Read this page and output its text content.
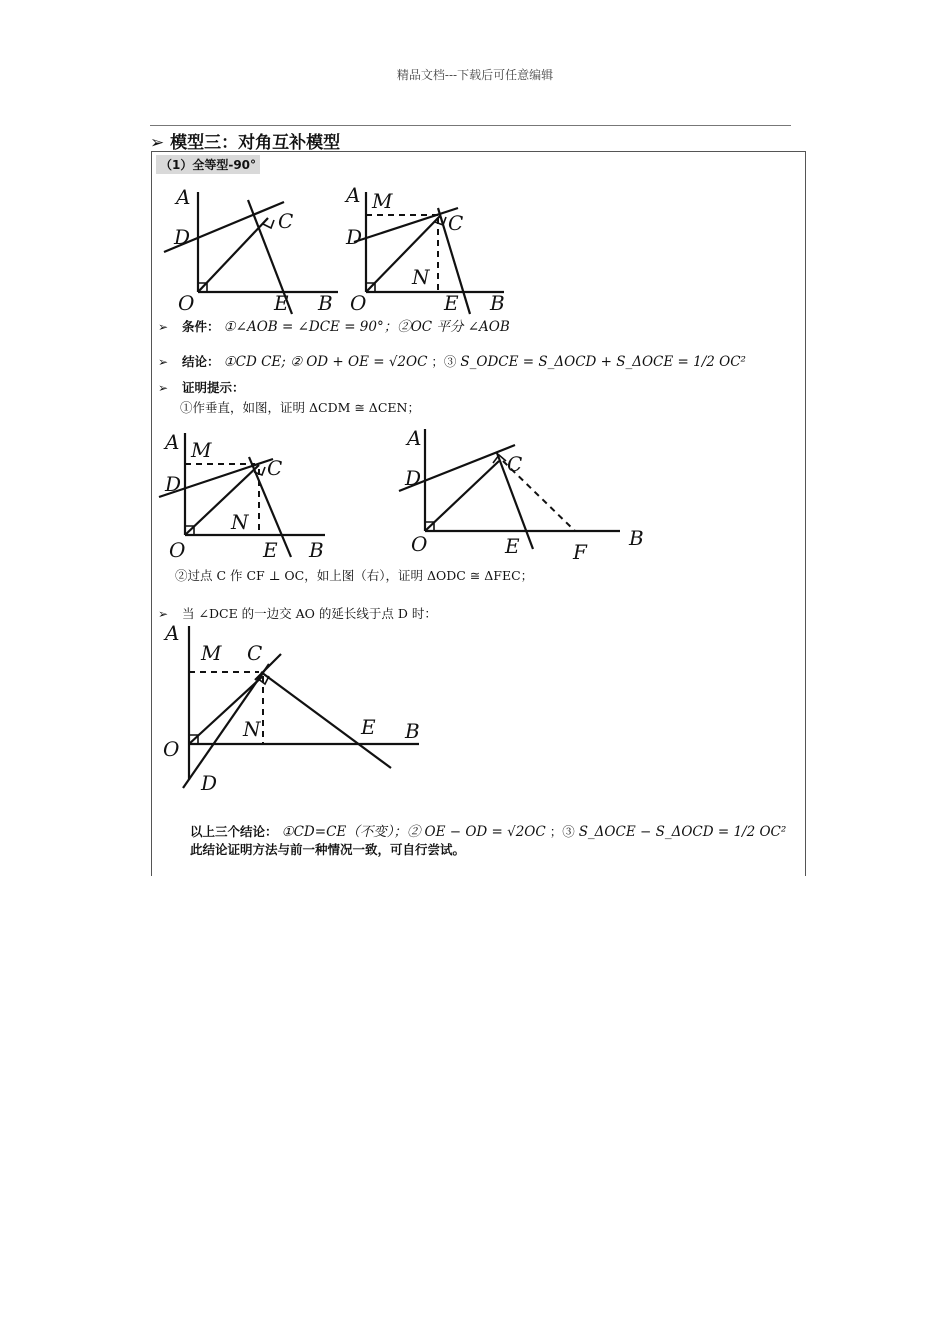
精品文档---下载后可任意编辑
➢ 模型三：对角互补模型
（1）全等型-90°
A
D
C
O	E B
A M
D
C
N
O	E B
➢ 条件： ①∠AOB = ∠DCE = 90°；②OC 平分 ∠AOB
➢ 结论： ①CD CE; ② OD + OE = √2OC ；③ S_ODCE = S_ΔOCD + S_ΔOCE = 1/2 OC²
➢ 证明提示：
①作垂直，如图，证明 ΔCDM ≅ ΔCEN；
A M
D
C
N
O	E B
A
D
C
O	E	F
B
②过点 C 作 CF ⊥ OC，如上图（右），证明 ΔODC ≅ ΔFEC；
➢ 当 ∠DCE 的一边交 AO 的延长线于点 D 时：
A
M C
N
O
E B
D
以上三个结论： ①CD=CE（不变）；② OE − OD = √2OC ；③ S_ΔOCE − S_ΔOCD = 1/2 OC²
此结论证明方法与前一种情况一致，可自行尝试。
